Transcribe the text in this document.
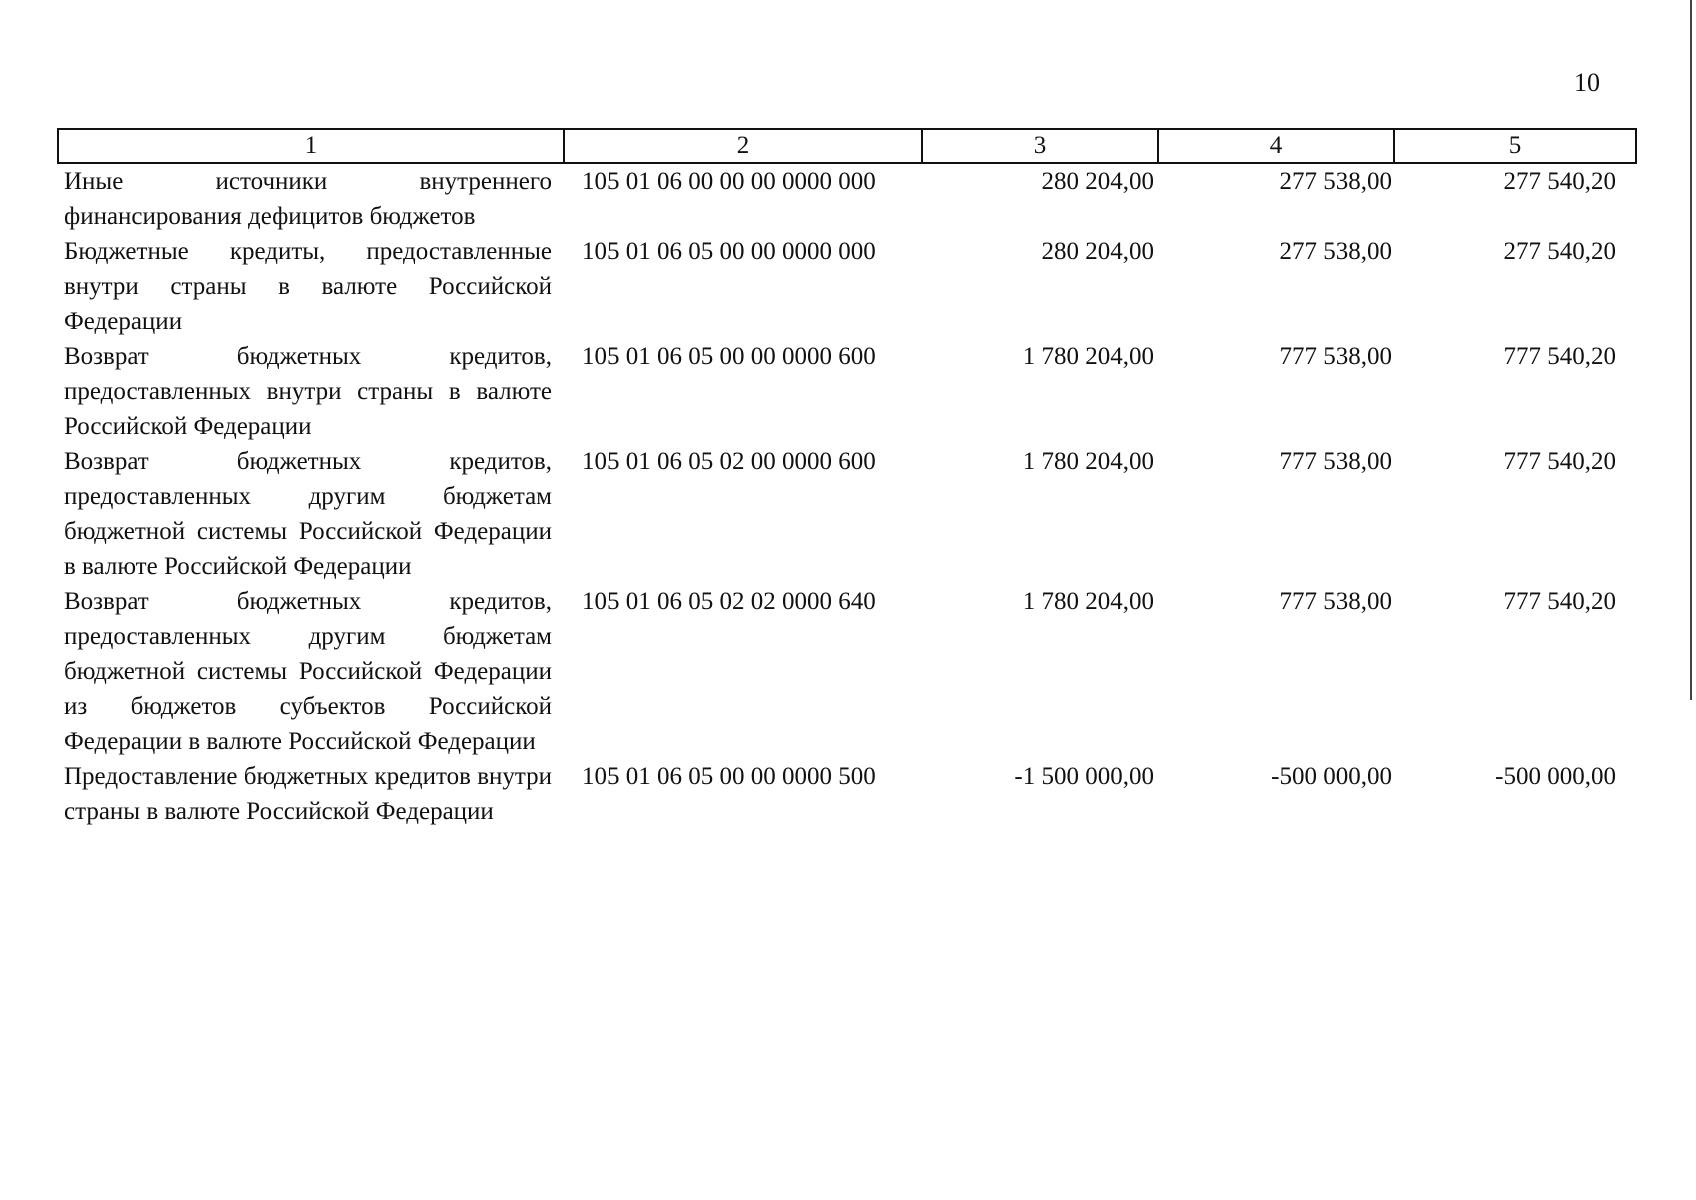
10
1	2	3	4	5
Иные источники внутреннего финансирования дефицитов бюджетов	105 01 06 00 00 00 0000 000	280 204,00	277 538,00	277 540,20
Бюджетные кредиты, предоставленные внутри страны в валюте Российской Федерации	105 01 06 05 00 00 0000 000	280 204,00	277 538,00	277 540,20
Возврат бюджетных кредитов, предоставленных внутри страны в валюте Российской Федерации	105 01 06 05 00 00 0000 600	1 780 204,00	777 538,00	777 540,20
Возврат бюджетных кредитов, предоставленных другим бюджетам бюджетной системы Российской Федерации в валюте Российской Федерации	105 01 06 05 02 00 0000 600	1 780 204,00	777 538,00	777 540,20
Возврат бюджетных кредитов, предоставленных другим бюджетам бюджетной системы Российской Федерации из бюджетов субъектов Российской Федерации в валюте Российской Федерации	105 01 06 05 02 02 0000 640	1 780 204,00	777 538,00	777 540,20
Предоставление бюджетных кредитов внутри страны в валюте Российской Федерации	105 01 06 05 00 00 0000 500	-1 500 000,00	-500 000,00	-500 000,00
